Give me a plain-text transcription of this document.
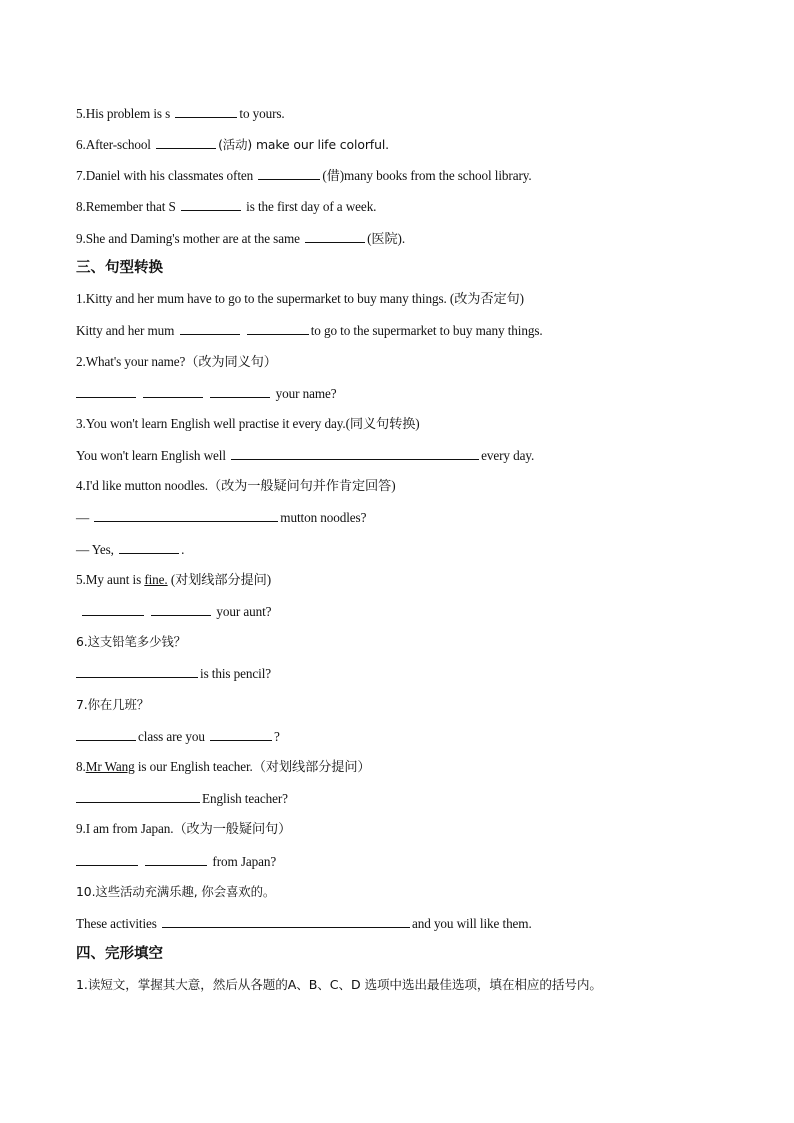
5.His problem is s	to yours.
6.After-school	(活动) make our life colorful.
7.Daniel with his classmates often	(借)many books from the school library.
8.Remember that S	is the first day of a week.
9.She and Daming's mother are at the same	(医院).
三、句型转换
1.Kitty and her mum have to go to the supermarket to buy many things. (改为否定句)
Kitty and her mum	to go to the supermarket to buy many things.
2.What's your name?（改为同义句）
your name?
3.You won't learn English well practise it every day.(同义句转换)
You won't learn English well	every day.
4.I'd like mutton noodles.（改为一般疑问句并作肯定回答)
—	mutton noodles?
— Yes,	.
5.My aunt is fine. (对划线部分提问)
your aunt?
6.这支铅笔多少钱？
is this pencil?
7.你在几班？
class are you	?
8.Mr Wang is our English teacher.（对划线部分提问）
English teacher?
9.I am from Japan.（改为一般疑问句）
from Japan?
10.这些活动充满乐趣, 你会喜欢的。
These activities	and you will like them.
四、完形填空
1.读短文，掌握其大意，然后从各题的A、B、C、D 选项中选出最佳选项，填在相应的括号内。
